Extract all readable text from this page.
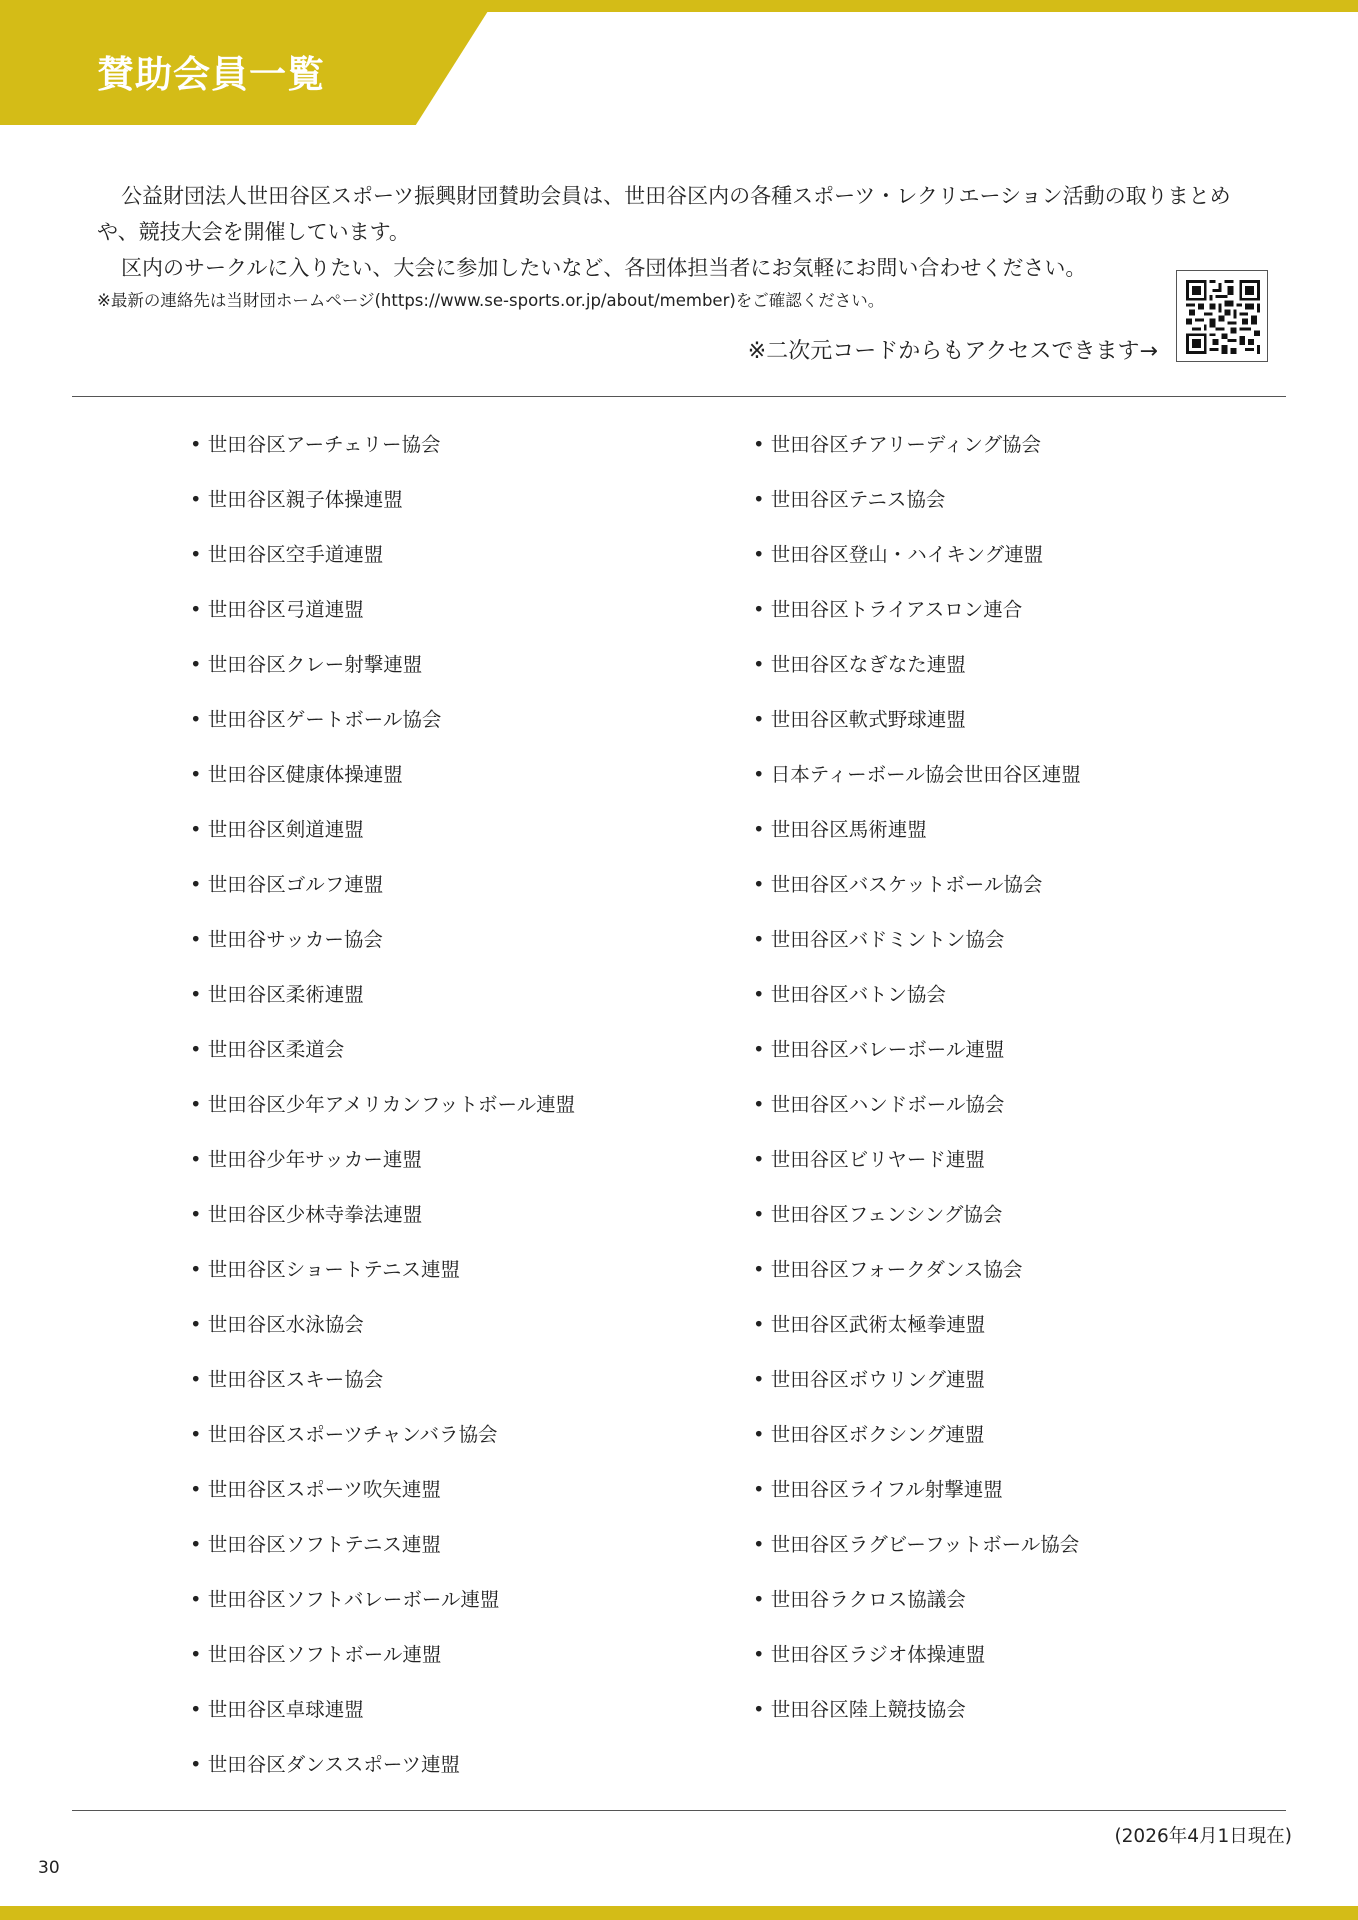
賛助会員一覧

公益財団法人世田谷区スポーツ振興財団賛助会員は、世田谷区内の各種スポーツ・レクリエーション活動の取りまとめや、競技大会を開催しています。

区内のサークルに入りたい、大会に参加したいなど、各団体担当者にお気軽にお問い合わせください。

※最新の連絡先は当財団ホームページ(https://www.se-sports.or.jp/about/member)をご確認ください。
※二次元コードからもアクセスできます→
• 世田谷区アーチェリー協会
• 世田谷区親子体操連盟
• 世田谷区空手道連盟
• 世田谷区弓道連盟
• 世田谷区クレー射撃連盟
• 世田谷区ゲートボール協会
• 世田谷区健康体操連盟
• 世田谷区剣道連盟
• 世田谷区ゴルフ連盟
• 世田谷サッカー協会
• 世田谷区柔術連盟
• 世田谷区柔道会
• 世田谷区少年アメリカンフットボール連盟
• 世田谷少年サッカー連盟
• 世田谷区少林寺拳法連盟
• 世田谷区ショートテニス連盟
• 世田谷区水泳協会
• 世田谷区スキー協会
• 世田谷区スポーツチャンバラ協会
• 世田谷区スポーツ吹矢連盟
• 世田谷区ソフトテニス連盟
• 世田谷区ソフトバレーボール連盟
• 世田谷区ソフトボール連盟
• 世田谷区卓球連盟
• 世田谷区ダンススポーツ連盟
• 世田谷区チアリーディング協会
• 世田谷区テニス協会
• 世田谷区登山・ハイキング連盟
• 世田谷区トライアスロン連合
• 世田谷区なぎなた連盟
• 世田谷区軟式野球連盟
• 日本ティーボール協会世田谷区連盟
• 世田谷区馬術連盟
• 世田谷区バスケットボール協会
• 世田谷区バドミントン協会
• 世田谷区バトン協会
• 世田谷区バレーボール連盟
• 世田谷区ハンドボール協会
• 世田谷区ビリヤード連盟
• 世田谷区フェンシング協会
• 世田谷区フォークダンス協会
• 世田谷区武術太極拳連盟
• 世田谷区ボウリング連盟
• 世田谷区ボクシング連盟
• 世田谷区ライフル射撃連盟
• 世田谷区ラグビーフットボール協会
• 世田谷ラクロス協議会
• 世田谷区ラジオ体操連盟
• 世田谷区陸上競技協会
(2026年4月1日現在)
30
